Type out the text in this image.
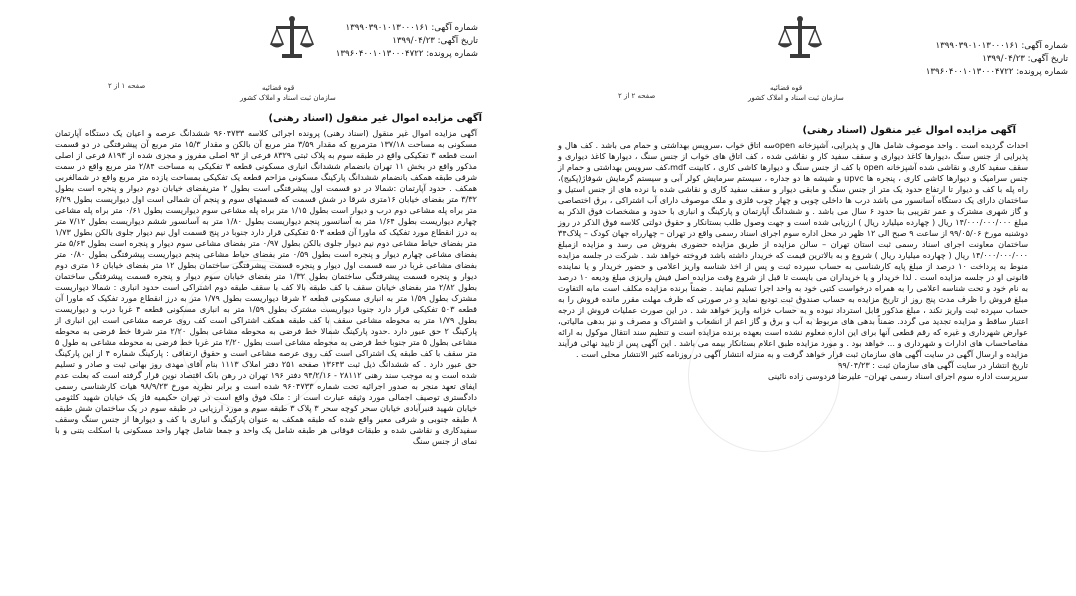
قوه قضائیه
سازمان ثبت اسناد و املاک کشور
شماره آگهی: ۱۳۹۹۰۳۹۰۱۰۱۳۰۰۰۱۶۱
تاریخ آگهی: ۱۳۹۹/۰۴/۲۳
شماره پرونده: ۱۳۹۶۰۴۰۰۱۰۱۳۰۰۰۴۷۲۲
صفحه ۱ از ۲
آگهی مزایده اموال غیر منقول (اسناد رهنی)
آگهی مزایده اموال غیر منقول (اسناد رهنی) پرونده اجرائی کلاسه ۹۶۰۴۷۳۳ ششدانگ عرصه و اعیان یک دستگاه آپارتمان مسکونی به مساحت ۱۳۷/۱۸ مترمربع که مقدار ۳/۵۹ متر مربع آن بالکن و مقدار ۱۵/۳ متر مربع آن پیشرفتگی در دو قسمت است قطعه ۳ تفکیکی واقع در طبقه سوم به پلاک ثبتی ۸۳۲۹ فرعی از ۹۳ اصلی مفروز و مجزی شده از ۸۱۹۳ فرعی از اصلی مذکور واقع در بخش ۱۱ تهران بانضمام ششدانگ انباری مسکونی قطعه ۳ تفکیکی به مساحت ۲/۸۴ متر مربع واقع در سمت شرقی طبقه همکف بانضمام ششدانگ پارکینگ مسکونی مزاحم قطعه یک تفکیکی بمساحت یازده متر مربع واقع در شمالغربی همکف . حدود آپارتمان :شمالا در دو قسمت اول پیشرفتگی است بطول ۲ متریفضای خیابان دوم دیوار و پنجره است بطول ۳/۳۲ متر بفضای خیابان ۱۶متری شرقا در شش قسمت که قسمتهای سوم و پنجم آن شمالی است اول دیواریست بطول ۶/۲۹ متر براه پله مشاعی دوم درب و دیوار است بطول ۱/۱۵ متر براه پله مشاعی سوم دیواریست بطول ۰/۶۱ متر براه پله مشاعی چهارم دیواریست بطول ۱/۶۴ متر به آسانسور پنجم دیواریست بطول ۱/۸۰ متر به آسانسور ششم دیواریست بطول ۷/۱۲ متر به درز انقطاع مورد تفکیک که ماورا آن قطعه ۵۰۳ تفکیکی قرار دارد جنوبا در پنج قسمت اول نیم دیوار جلوی بالکن بطول ۱/۷۳ متر بفضای حیاط مشاعی دوم نیم دیوار جلوی بالکن بطول ۰/۹۷ متر بفضای مشاعی سوم دیوار و پنجره است بطول ۵/۶۳ متر بفضای مشاعی چهارم دیوار و پنجره است بطول ۰/۵۹ متر بفضای حیاط مشاعی پنجم دیواریست پیشرفتگی بطول ۰/۸۰ متر بفضای مشاعی غربا در سه قسمت اول دیوار و پنجره قسمت پیشرفتگی ساختمان بطول ۱۲ متر بفضای خیابان ۱۶ متری دوم دیوار و پنجره قسمت پیشرفتگی ساختمان بطول ۱/۳۲ متر بفضای خیابان سوم دیوار و پنجره قسمت پیشرفتگی ساختمان بطول ۲/۸۲ متر بفضای خیابان سقف با کف طبقه بالا کف با سقف طبقه دوم اشتراکی است حدود انباری : شمالا دیواریست مشترک بطول ۱/۵۹ متر به انباری مسکونی قطعه ۲ شرقا دیواریست بطول ۱/۷۹ متر به درز انقطاع مورد تفکیک که ماورا آن قطعه ۵۰۳ تفکیکی قرار دارد جنوبا دیواریست مشترک بطول ۱/۵۹ متر به انباری مسکونی قطعه ۴ غربا درب و دیواریست بطول ۱/۷۹ متر به محوطه مشاعی سقف با کف طبقه همکف اشتراکی است کف روی عرصه مشاعی است این انباری از پارکینگ ۲ حق عبور دارد .حدود پارکینگ شمالا خط فرضی به محوطه مشاعی بطول ۲/۲۰ متر شرقا خط فرضی به محوطه مشاعی بطول ۵ متر جنوبا خط فرضی به محوطه مشاعی است بطول ۲/۲۰ متر غربا خط فرضی به محوطه مشاعی به طول ۵ متر سقف با کف طبقه یک اشتراکی است کف روی عرصه مشاعی است و حقوق ارتفاقی : پارکینگ شماره ۴ از این پارکینگ حق عبور دارد . که ششدانگ ذیل ثبت ۱۳۶۴۳ صفحه ۲۵۱ دفتر املاک ۱۱۱۳ بنام آقای مهدی روز بهانی ثبت و صادر و تسلیم شده است و به موجب سند رهنی ۲۸۱۱۲ - ۹۴/۲/۱۶ دفتر ۱۹۶ تهران در رهن بانک اقتصاد نوین قرار گرفته است که بعلت عدم ایفای تعهد منجر به صدور اجرائیه تحت شماره ۹۶۰۴۷۳۳ شده است و برابر نظریه مورخ ۹۸/۹/۲۳ هیات کارشناسی رسمی دادگستری توصیف اجمالی مورد وثیقه عبارت است از : ملک فوق واقع است در تهران حکیمیه فاز یک خیابان شهید کلثومی خیابان شهید قنبرآبادی خیابان سحر کوچه سحر ۳ پلاک ۳ طبقه سوم و مورد ارزیابی در طبقه سوم در یک ساختمان شش طبقه ۸ طبقه جنوبی و شرقی معبر واقع شده که طبقه همکف به عنوان پارکینگ و انباری با کف و دیوارها از جنس سنگ وسقف سفیدکاری و نقاشی شده و طبقات فوقانی هر طبقه شامل یک واحد و جمعا شامل چهار واحد مسکونی با اسکلت بتنی و با نمای از جنس سنگ
قوه قضائیه
سازمان ثبت اسناد و املاک کشور
شماره آگهی: ۱۳۹۹۰۳۹۰۱۰۱۳۰۰۰۱۶۱
تاریخ آگهی: ۱۳۹۹/۰۴/۲۳
شماره پرونده: ۱۳۹۶۰۴۰۰۱۰۱۳۰۰۰۴۷۲۲
صفحه ۲ از ۲
آگهی مزایده اموال غیر منقول (اسناد رهنی)

احداث گردیده است . واحد موصوف شامل هال و پذیرایی، آشپزخانه openسه اتاق خواب ،سرویس بهداشتی و حمام می باشد . کف هال و پذیرایی از جنس سنگ ،دیوارها کاغذ دیواری و سقف سفید کار و نقاشی شده ، کف اتاق های خواب از جنس سنگ ، دیوارها کاغذ دیواری و سقف سفید کاری و نقاشی شده آشپزخانه open با کف از جنس سنگ و دیوارها کاشی کاری ، کابینت mdf،کف سرویس بهداشتی و حمام از جنس سرامیک و دیوارها کاشی کاری ، پنجره ها upvc و شیشه ها دو جداره ، سیستم سرمایش کولر آبی و سیستم گرمایش شوفاژ(پکیج)، راه پله با کف و دیوار تا ارتفاع حدود یک متر از جنس سنگ و مابقی دیوار و سقف سفید کاری و نقاشی شده با نرده های از جنس استیل و ساختمان دارای یک دستگاه آسانسور می باشد درب ها داخلی چوبی و چهار چوب فلزی و ملک موصوف دارای آب اشتراکی ، برق اختصاصی و گاز شهری مشترک و عمر تقریبی بنا حدود ۶ سال می باشد . و ششدانگ آپارتمان و پارکینگ و انباری با حدود و مشخصات فوق الذکر به مبلغ ۱۴/۰۰۰/۰۰۰/۰۰۰ ریال ( چهارده میلیارد ریال ) ارزیابی شده است و جهت وصول طلب بستانکار و حقوق دولتی کلاسه فوق الذکر در روز دوشنبه مورخ ۹۹/۰۵/۰۶ از ساعت ۹ صبح الی ۱۲ ظهر در محل اداره سوم اجرای اسناد رسمی واقع در تهران – چهارراه جهان کودک – پلاک۳۴ ساختمان معاونت اجرای اسناد رسمی ثبت استان تهران – سالن مزایده از طریق مزایده حضوری بفروش می رسد و مزایده ازمبلغ ۱۴/۰۰۰/۰۰۰/۰۰۰ ریال ( چهارده میلیارد ریال ) شروع و به بالاترین قیمت که خریدار داشته باشد فروخته خواهد شد . شرکت در جلسه مزایده منوط به پرداخت ۱۰ درصد از مبلغ پایه کارشناسی به حساب سپرده ثبت و پس از اخذ شناسه واریز اعلامی و حضور خریدار و یا نماینده قانونی او در جلسه مزایده است . لذا خریدار و یا خریداران می بایست تا قبل از شروع وقت مزایده اصل فیش واریزی مبلغ ودیعه ۱۰ درصد به نام خود و تحت شناسه اعلامی را به همراه درخواست کتبی خود به واحد اجرا تسلیم نمایند . ضمناً برنده مزایده مکلف است مابه التفاوت مبلغ فروش را ظرف مدت پنج روز از تاریخ مزایده به حساب صندوق ثبت تودیع نماید و در صورتی که ظرف مهلت مقرر مانده فروش را به حساب سپرده ثبت واریز نکند ، مبلغ مذکور قابل استرداد نبوده و به حساب خزانه واریز خواهد شد . در این صورت عملیات فروش از درجه اعتبار ساقط و مزایده تجدید می گردد. ضمناً بدهی های مربوط به آب و برق و گاز اعم از انشعاب و اشتراک و مصرف و نیز بدهی مالیاتی، عوارض شهرداری و غیره که رقم قطعی آنها برای این اداره معلوم نشده است بعهده برنده مزایده است و تنظیم سند انتقال موکول به ارائه مفاصاحساب های ادارات و شهرداری و ... خواهد بود . و مورد مزایده طبق اعلام بستانکار بیمه می باشد . این آگهی پس از تایید نهائی فرآیند مزایده و ارسال آگهی در سایت آگهی های سازمان ثبت قرار خواهد گرفت و به منزله انتشار آگهی در روزنامه کثیر الانتشار محلی است .

تاریخ انتشار در سایت آگهی های سازمان ثبت : ۹۹/۰۴/۲۳

سرپرست اداره سوم اجرای اسناد رسمی تهران– علیرضا فردوسی زاده نائینی
